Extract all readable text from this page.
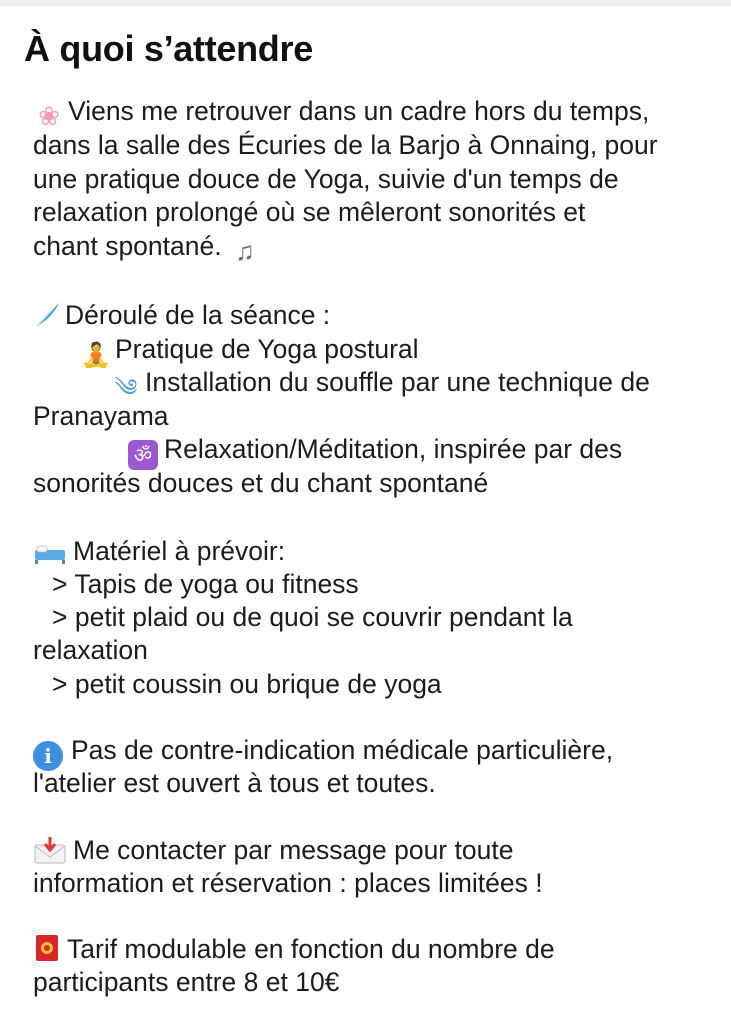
À quoi s’attendre
❀ Viens me retrouver dans un cadre hors du temps,
dans la salle des Écuries de la Barjo à Onnaing, pour
une pratique douce de Yoga, suivie d'un temps de
relaxation prolongé où se mêleront sonorités et
chant spontané. ♫
Déroulé de la séance :
🧘 Pratique de Yoga postural
༄ Installation du souffle par une technique de
Pranayama
ॐ Relaxation/Méditation, inspirée par des
sonorités douces et du chant spontané
Matériel à prévoir:
> Tapis de yoga ou fitness
> petit plaid ou de quoi se couvrir pendant la
relaxation
> petit coussin ou brique de yoga
i Pas de contre-indication médicale particulière,
l'atelier est ouvert à tous et toutes.
Me contacter par message pour toute
information et réservation : places limitées !
Tarif modulable en fonction du nombre de
participants entre 8 et 10€
